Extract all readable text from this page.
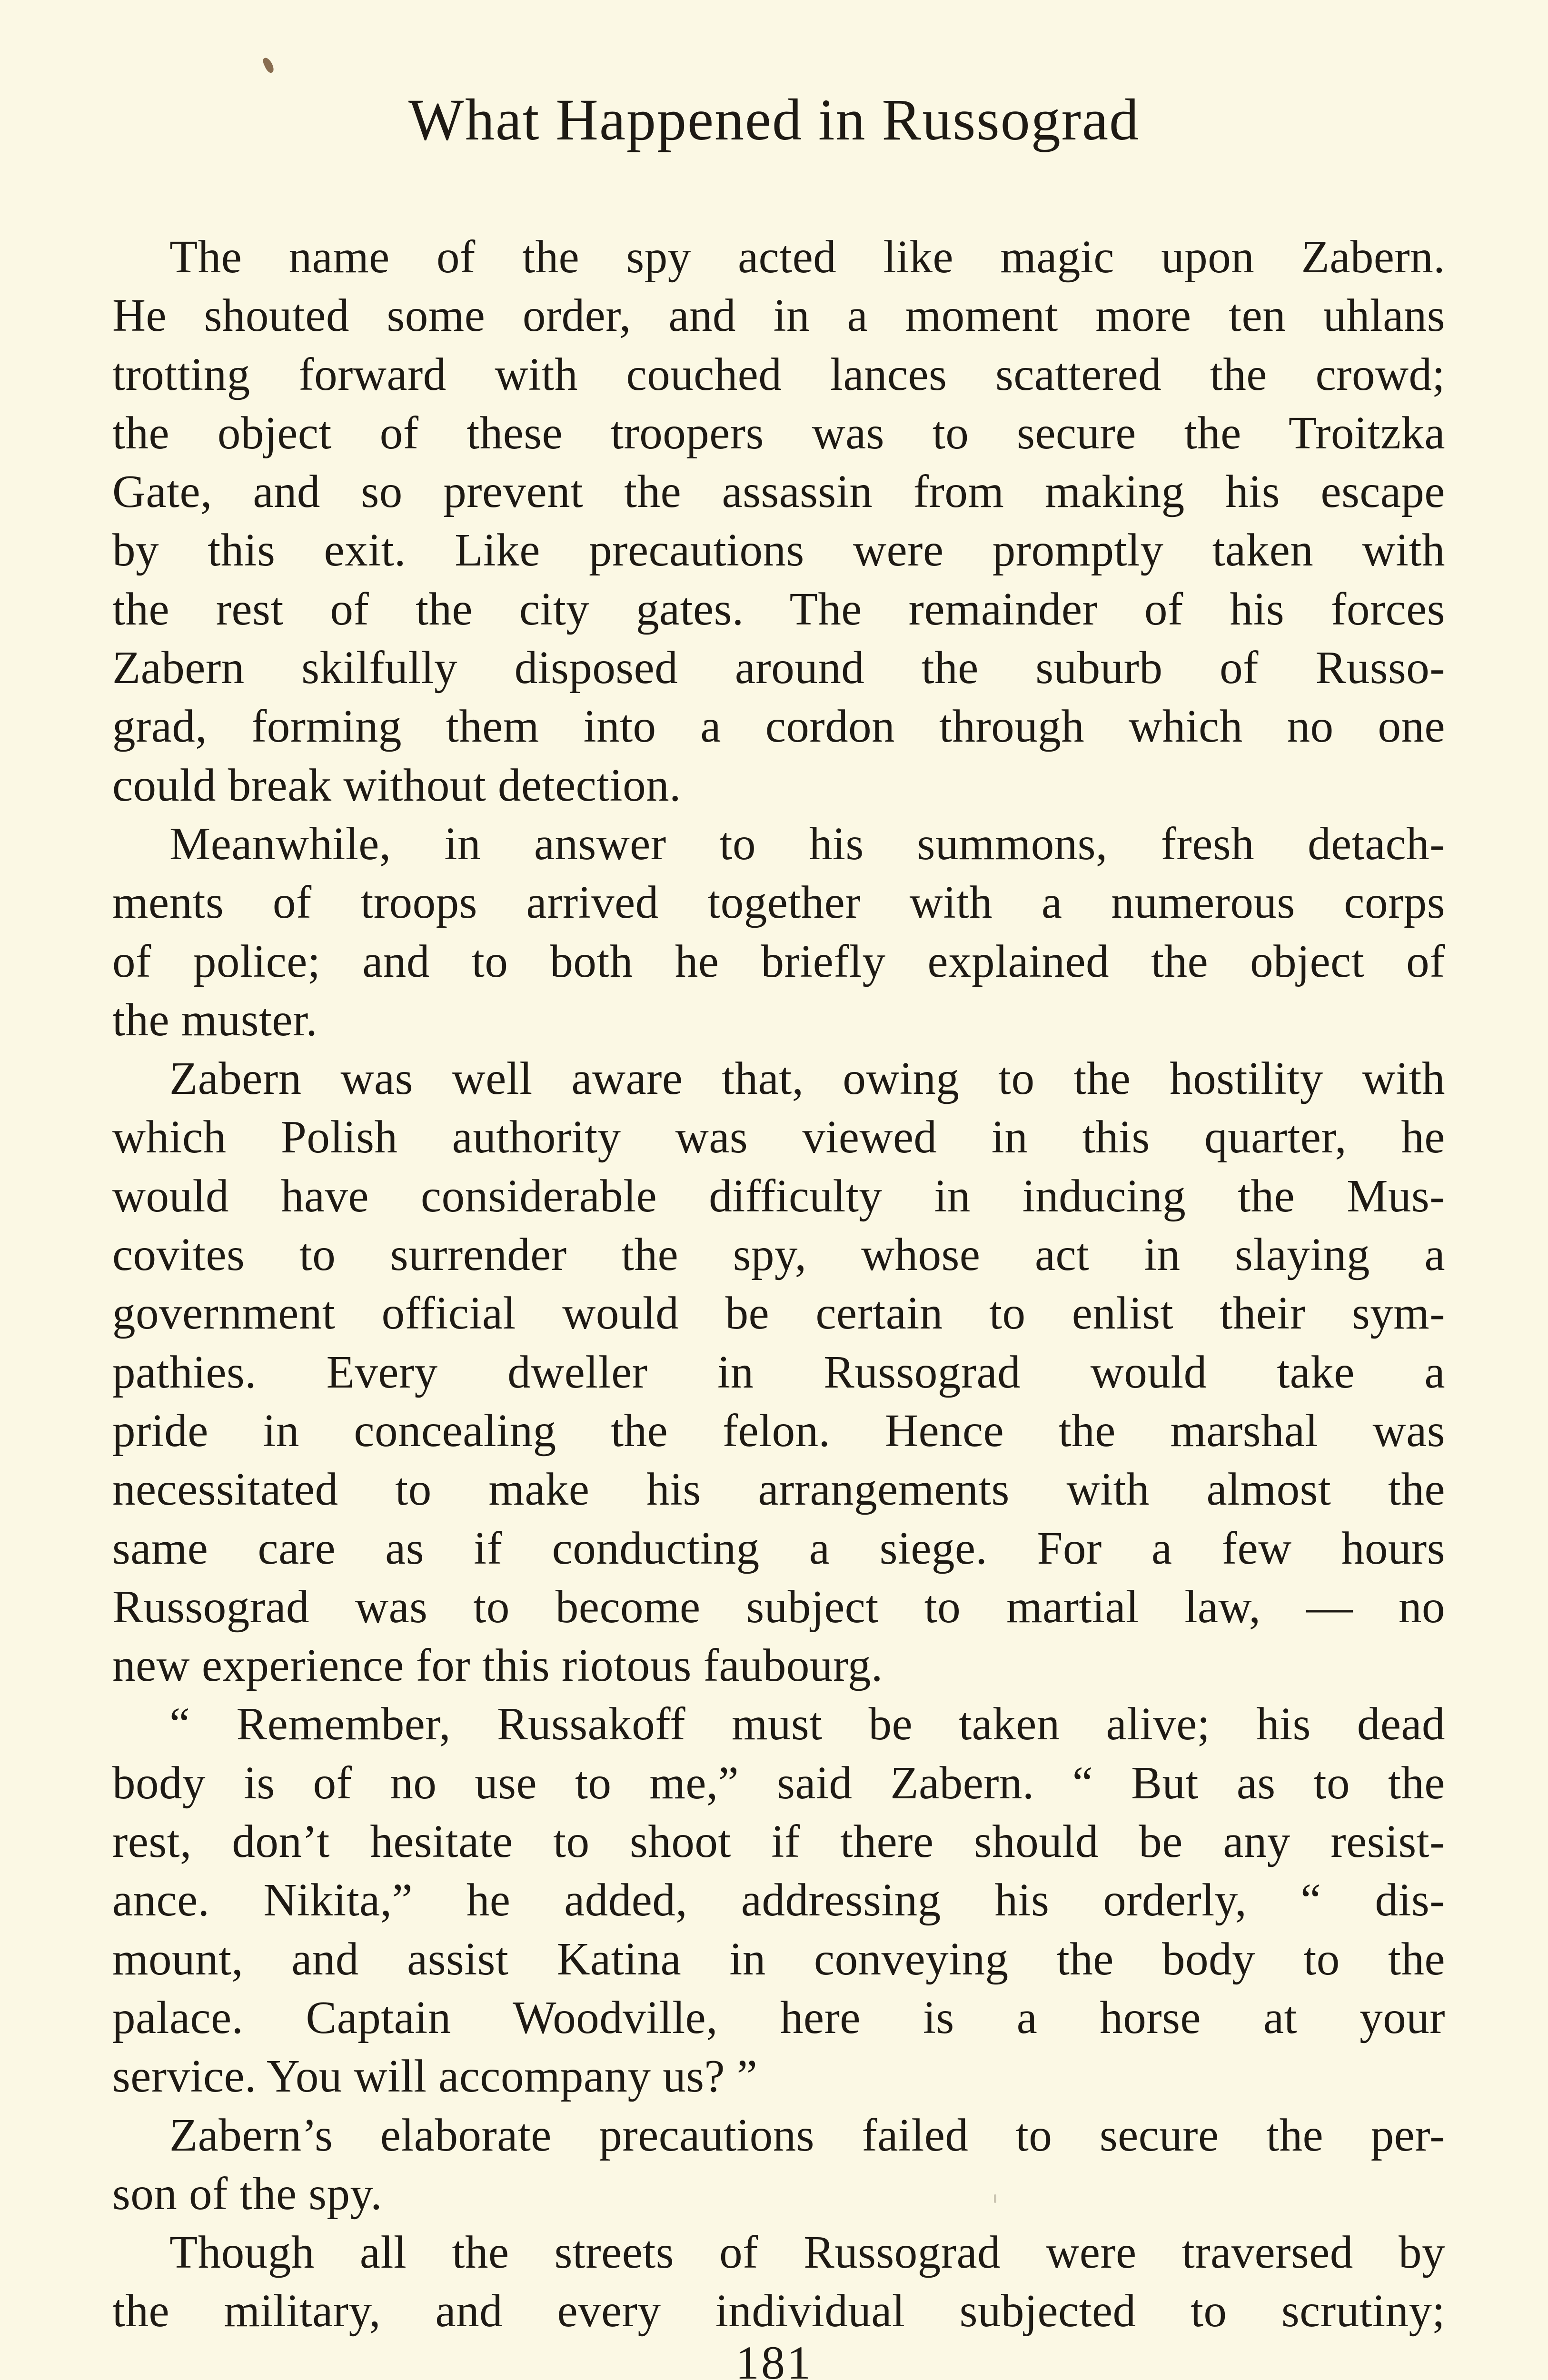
What Happened in Russograd
The name of the spy acted like magic upon Zabern.
He shouted some order, and in a moment more ten uhlans
trotting forward with couched lances scattered the crowd;
the object of these troopers was to secure the Troitzka
Gate, and so prevent the assassin from making his escape
by this exit. Like precautions were promptly taken with
the rest of the city gates. The remainder of his forces
Zabern skilfully disposed around the suburb of Russo-
grad, forming them into a cordon through which no one
could break without detection.
Meanwhile, in answer to his summons, fresh detach-
ments of troops arrived together with a numerous corps
of police; and to both he briefly explained the object of
the muster.
Zabern was well aware that, owing to the hostility with
which Polish authority was viewed in this quarter, he
would have considerable difficulty in inducing the Mus-
covites to surrender the spy, whose act in slaying a
government official would be certain to enlist their sym-
pathies. Every dweller in Russograd would take a
pride in concealing the felon. Hence the marshal was
necessitated to make his arrangements with almost the
same care as if conducting a siege. For a few hours
Russograd was to become subject to martial law, — no
new experience for this riotous faubourg.
“ Remember, Russakoff must be taken alive; his dead
body is of no use to me,” said Zabern. “ But as to the
rest, don’t hesitate to shoot if there should be any resist-
ance. Nikita,” he added, addressing his orderly, “ dis-
mount, and assist Katina in conveying the body to the
palace. Captain Woodville, here is a horse at your
service. You will accompany us? ”
Zabern’s elaborate precautions failed to secure the per-
son of the spy.
Though all the streets of Russograd were traversed by
the military, and every individual subjected to scrutiny;
181
